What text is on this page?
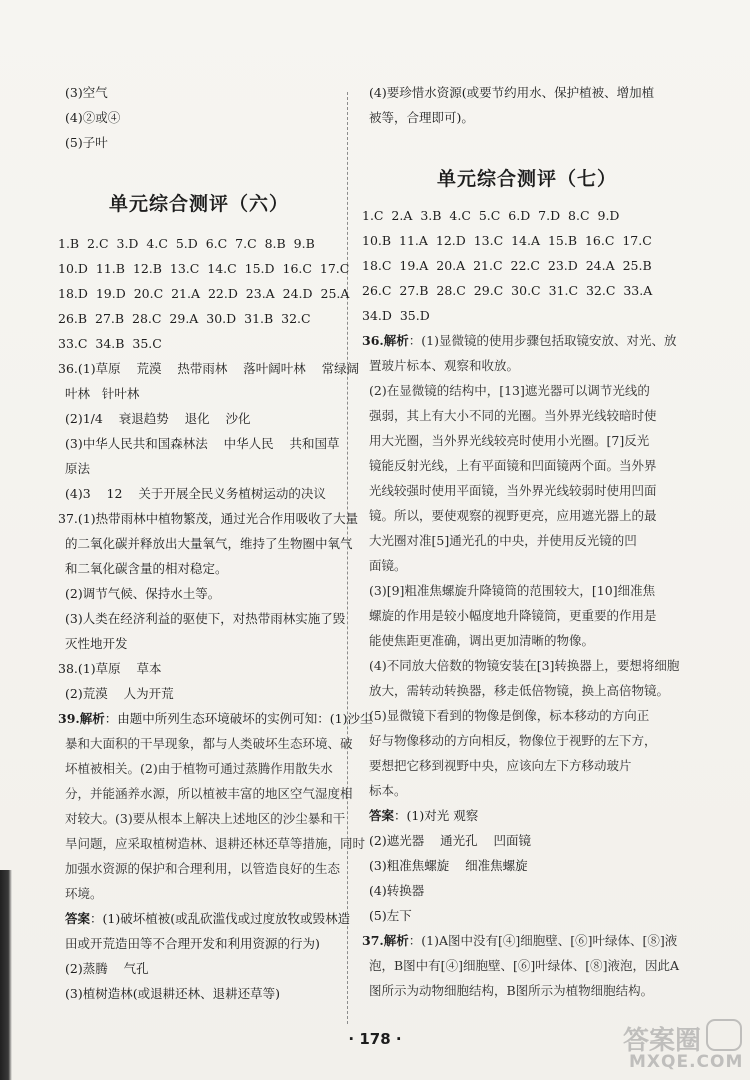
(3)空气
(4)②或④
(5)子叶
单元综合测评（六）
1.B  2.C  3.D  4.C  5.D  6.C  7.C  8.B  9.B
10.D  11.B  12.B  13.C  14.C  15.D  16.C  17.C
18.D  19.D  20.C  21.A  22.D  23.A  24.D  25.A
26.B  27.B  28.C  29.A  30.D  31.B  32.C
33.C  34.B  35.C
36.(1)草原    荒漠    热带雨林    落叶阔叶林    常绿阔
叶林   针叶林
(2)1/4    衰退趋势    退化    沙化
(3)中华人民共和国森林法    中华人民    共和国草
原法
(4)3    12    关于开展全民义务植树运动的决议
37.(1)热带雨林中植物繁茂，通过光合作用吸收了大量
的二氧化碳并释放出大量氧气，维持了生物圈中氧气
和二氧化碳含量的相对稳定。
(2)调节气候、保持水土等。
(3)人类在经济利益的驱使下，对热带雨林实施了毁
灭性地开发
38.(1)草原    草本
(2)荒漠    人为开荒
39.解析：由题中所列生态环境破坏的实例可知：(1)沙尘
暴和大面积的干旱现象，都与人类破坏生态环境、破
坏植被相关。(2)由于植物可通过蒸腾作用散失水
分，并能涵养水源，所以植被丰富的地区空气湿度相
对较大。(3)要从根本上解决上述地区的沙尘暴和干
旱问题，应采取植树造林、退耕还林还草等措施，同时
加强水资源的保护和合理利用，以管造良好的生态
环境。
答案：(1)破坏植被(或乱砍滥伐或过度放牧或毁林造
田或开荒造田等不合理开发和利用资源的行为)
(2)蒸腾    气孔
(3)植树造林(或退耕还林、退耕还草等)
(4)要珍惜水资源(或要节约用水、保护植被、增加植
被等，合理即可)。
单元综合测评（七）
1.C  2.A  3.B  4.C  5.C  6.D  7.D  8.C  9.D
10.B  11.A  12.D  13.C  14.A  15.B  16.C  17.C
18.C  19.A  20.A  21.C  22.C  23.D  24.A  25.B
26.C  27.B  28.C  29.C  30.C  31.C  32.C  33.A
34.D  35.D
36.解析：(1)显微镜的使用步骤包括取镜安放、对光、放
置玻片标本、观察和收放。
(2)在显微镜的结构中，[13]遮光器可以调节光线的
强弱，其上有大小不同的光圈。当外界光线较暗时使
用大光圈，当外界光线较亮时使用小光圈。[7]反光
镜能反射光线，上有平面镜和凹面镜两个面。当外界
光线较强时使用平面镜，当外界光线较弱时使用凹面
镜。所以，要使观察的视野更亮，应用遮光器上的最
大光圈对准[5]通光孔的中央，并使用反光镜的凹
面镜。
(3)[9]粗准焦螺旋升降镜筒的范围较大，[10]细准焦
螺旋的作用是较小幅度地升降镜筒，更重要的作用是
能使焦距更准确，调出更加清晰的物像。
(4)不同放大倍数的物镜安装在[3]转换器上，要想将细胞
放大，需转动转换器，移走低倍物镜，换上高倍物镜。
(5)显微镜下看到的物像是倒像，标本移动的方向正
好与物像移动的方向相反，物像位于视野的左下方，
要想把它移到视野中央，应该向左下方移动玻片
标本。
答案：(1)对光 观察
(2)遮光器    通光孔    凹面镜
(3)粗准焦螺旋    细准焦螺旋
(4)转换器
(5)左下
37.解析：(1)A图中没有[④]细胞壁、[⑥]叶绿体、[⑧]液
泡，B图中有[④]细胞壁、[⑥]叶绿体、[⑧]液泡，因此A
图所示为动物细胞结构，B图所示为植物细胞结构。
· 178 ·	答案圈
MXQE.COM
